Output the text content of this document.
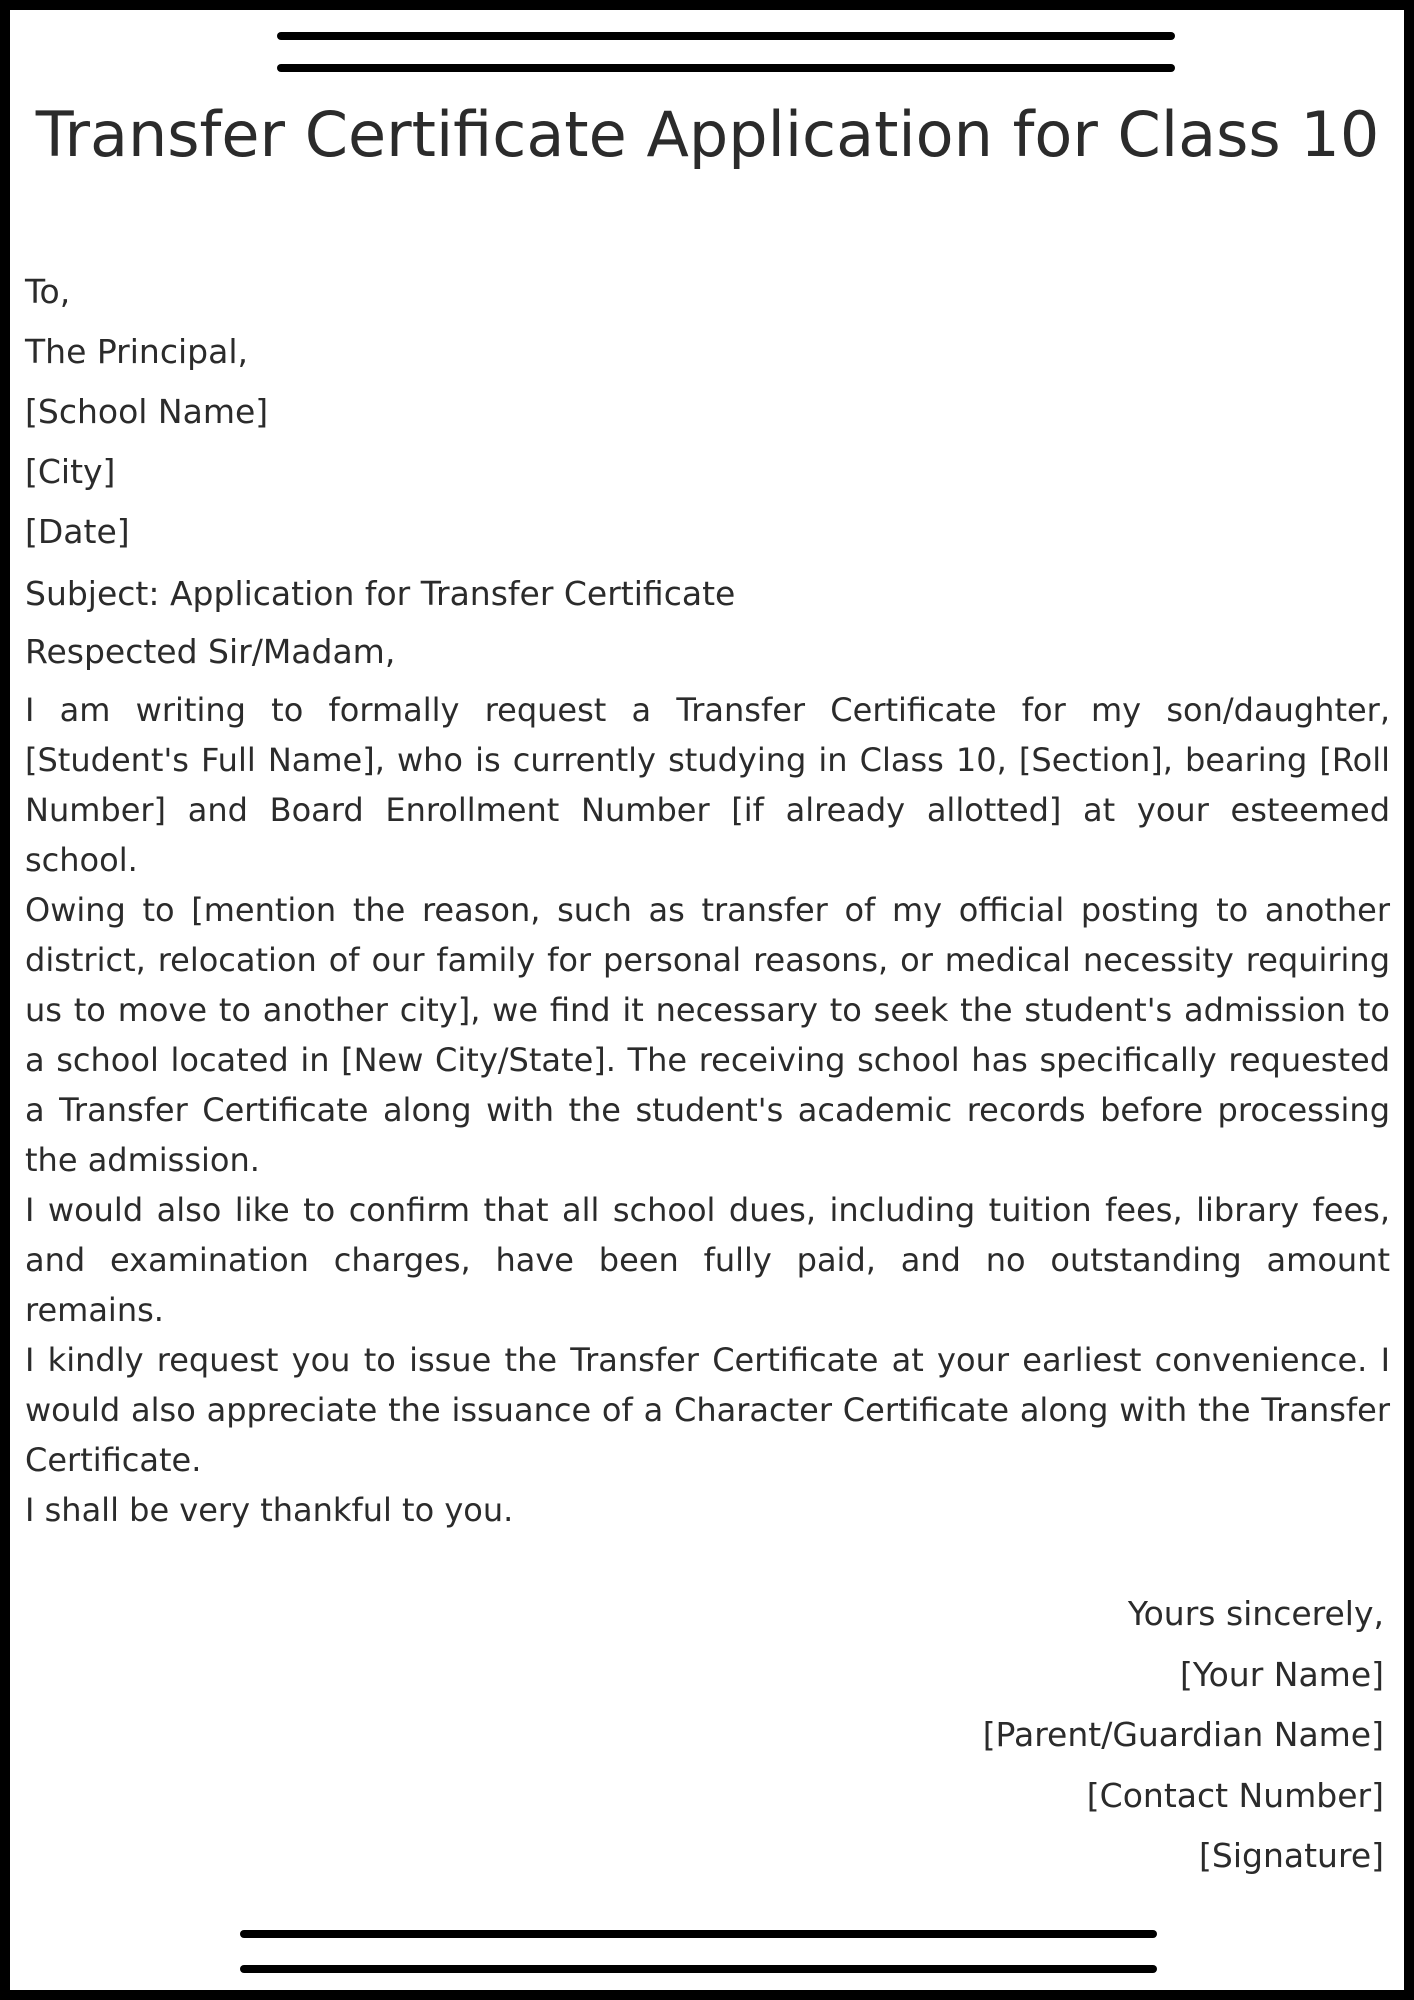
Transfer Certificate Application for Class 10
To,
The Principal,
[School Name]
[City]
[Date]
Subject: Application for Transfer Certificate
Respected Sir/Madam,

I am writing to formally request a Transfer Certificate for my son/daughter, [Student's Full Name], who is currently studying in Class 10, [Section], bearing [Roll Number] and Board Enrollment Number [if already allotted] at your esteemed school.

Owing to [mention the reason, such as transfer of my official posting to another district, relocation of our family for personal reasons, or medical necessity requiring us to move to another city], we find it necessary to seek the student's admission to a school located in [New City/State]. The receiving school has specifically requested a Transfer Certificate along with the student's academic records before processing the admission.

I would also like to confirm that all school dues, including tuition fees, library fees, and examination charges, have been fully paid, and no outstanding amount remains.

I kindly request you to issue the Transfer Certificate at your earliest convenience. I would also appreciate the issuance of a Character Certificate along with the Transfer Certificate.

I shall be very thankful to you.

Yours sincerely,
[Your Name]
[Parent/Guardian Name]
[Contact Number]
[Signature]
